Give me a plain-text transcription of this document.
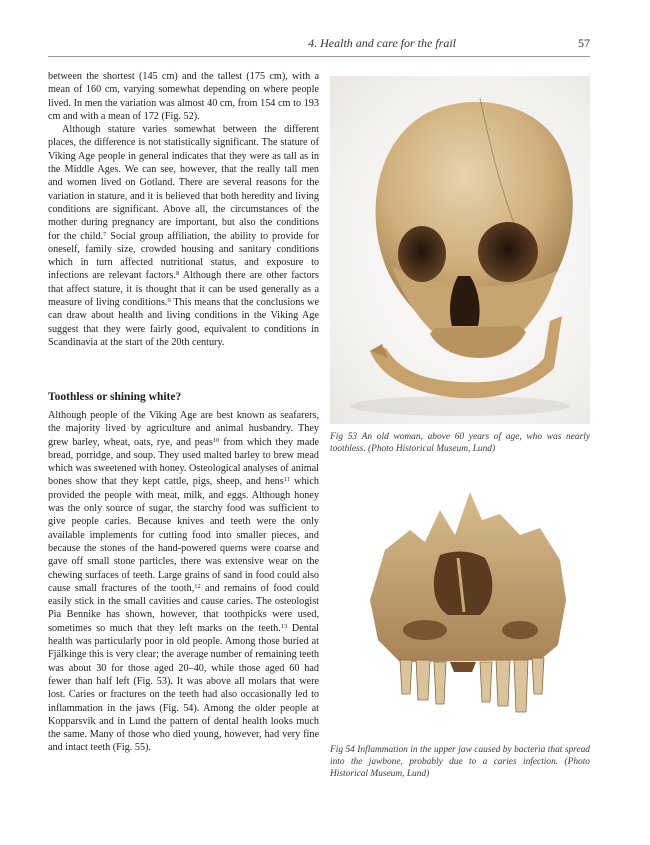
4. Health and care for the frail	57

between the shortest (145 cm) and the tallest (175 cm), with a mean of 160 cm, varying somewhat depending on where people lived. In men the variation was almost 40 cm, from 154 cm to 193 cm and with a mean of 172 (Fig. 52).

Although stature varies somewhat between the different places, the difference is not statistically significant. The stature of Viking Age people in general indicates that they were as tall as in the Middle Ages. We can see, however, that the really tall men and women lived on Gotland. There are several reasons for the variation in stature, and it is believed that both heredity and living conditions are significant. Above all, the circumstances of the mother during pregnancy are important, but also the conditions for the child.$^7$ Social group affiliation, the ability to provide for oneself, family size, crowded housing and sanitary conditions which in turn affected nutritional status, and exposure to infections are relevant factors.$^8$ Although there are other factors that affect stature, it is thought that it can be used generally as a measure of living conditions.$^9$ This means that the conclusions we can draw about health and living conditions in the Viking Age suggest that they were fairly good, equivalent to conditions in Scandinavia at the start of the 20th century.

Toothless or shining white?

Although people of the Viking Age are best known as seafarers, the majority lived by agriculture and animal husbandry. They grew barley, wheat, oats, rye, and peas$^{10}$ from which they made bread, porridge, and soup. They used malted barley to brew mead which was sweetened with honey. Osteological analyses of animal bones show that they kept cattle, pigs, sheep, and hens$^{11}$ which provided the people with meat, milk, and eggs. Although honey was the only source of sugar, the starchy food was sufficient to give people caries. Because knives and teeth were the only available implements for cutting food into smaller pieces, and because the stones of the hand-powered querns were coarse and gave off small stone particles, there was extensive wear on the chewing surfaces of teeth. Large grains of sand in food could also cause small fractures of the tooth,$^{12}$ and remains of food could easily stick in the small cavities and cause caries. The osteologist Pia Bennike has shown, however, that toothpicks were used, sometimes so much that they left marks on the teeth.$^{13}$ Dental health was particularly poor in old people. Among those buried at Fjälkinge this is very clear; the average number of remaining teeth was about 30 for those aged 20–40, while those aged 60 had fewer than half left (Fig. 53). It was above all molars that were lost. Caries or fractures on the teeth had also occasionally led to inflammation in the jaws (Fig. 54). Among the older people at Kopparsvik and in Lund the pattern of dental health looks much the same. Many of those who died young, however, had very fine and intact teeth (Fig. 55).

Fig 53 An old woman, above 60 years of age, who was nearly toothless. (Photo Historical Museum, Lund)

Fig 54 Inflammation in the upper jaw caused by bacteria that spread into the jawbone, probably due to a caries infection. (Photo Historical Museum, Lund)
